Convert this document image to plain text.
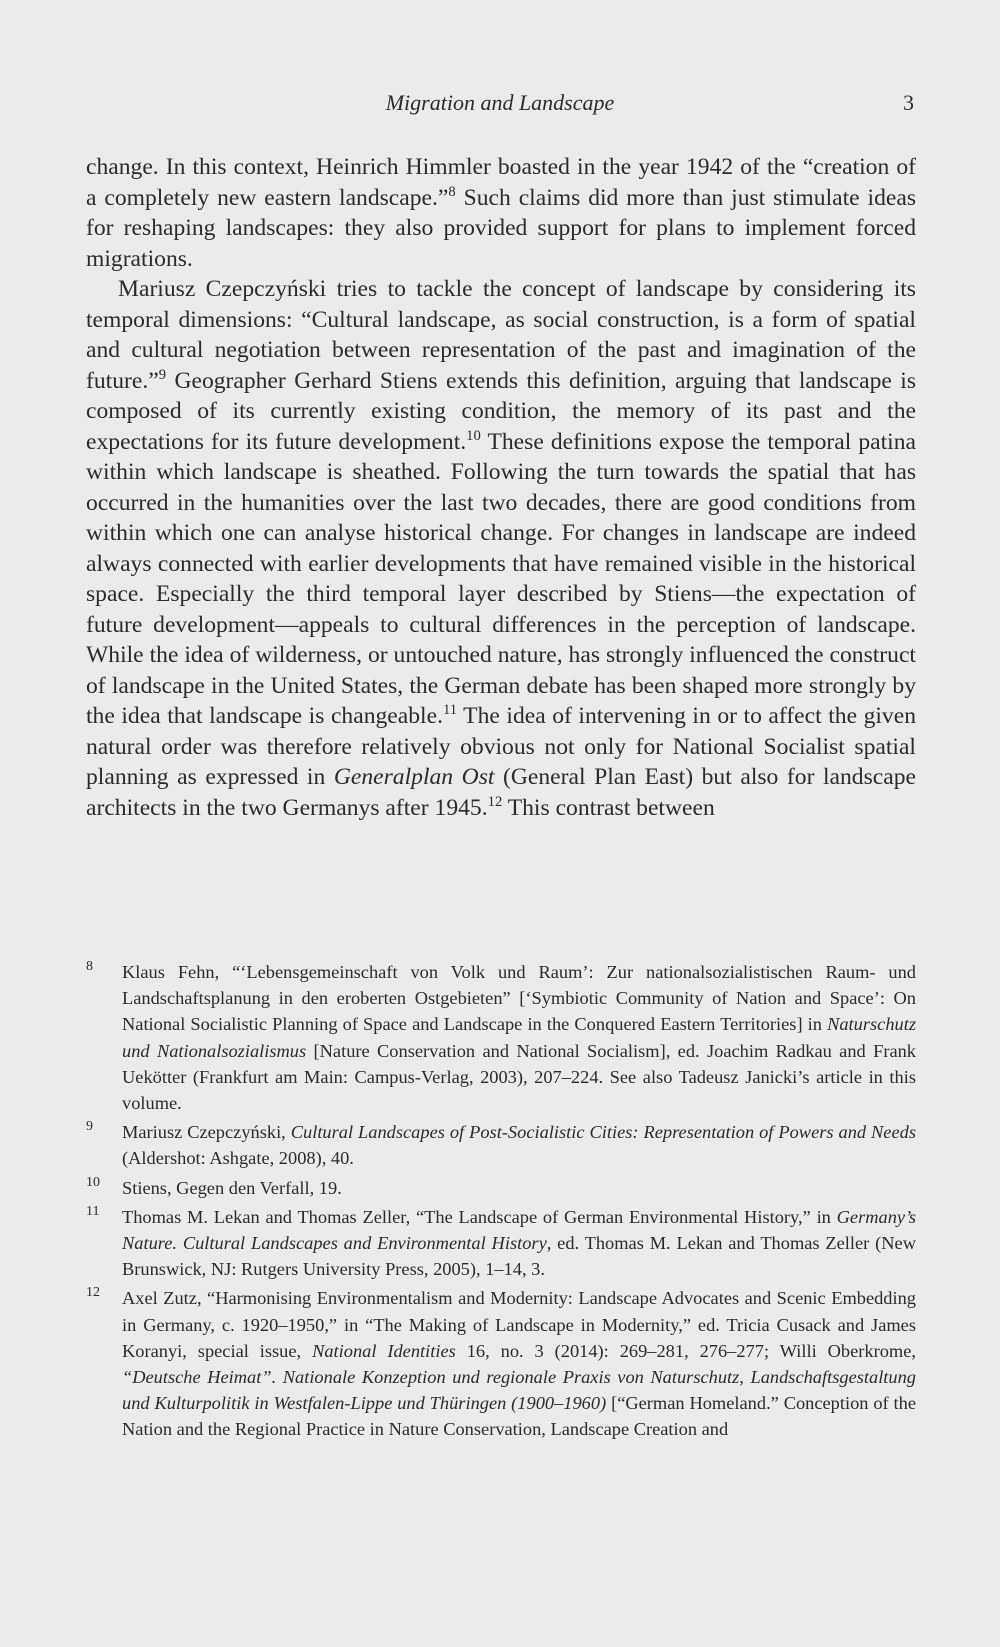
Migration and Landscape	3

change. In this context, Heinrich Himmler boasted in the year 1942 of the “creation of a completely new eastern landscape.”$^8$ Such claims did more than just stimulate ideas for reshaping landscapes: they also provided support for plans to implement forced migrations.

Mariusz Czepczyński tries to tackle the concept of landscape by considering its temporal dimensions: “Cultural landscape, as social construction, is a form of spatial and cultural negotiation between representation of the past and imagination of the future.”$^9$ Geographer Gerhard Stiens extends this definition, arguing that landscape is composed of its currently existing condition, the memory of its past and the expectations for its future development.$^{10}$ These definitions expose the temporal patina within which landscape is sheathed. Following the turn towards the spatial that has occurred in the humanities over the last two decades, there are good conditions from within which one can analyse historical change. For changes in landscape are indeed always connected with earlier developments that have remained visible in the historical space. Especially the third temporal layer described by Stiens—the expectation of future development—appeals to cultural differences in the perception of landscape. While the idea of wilderness, or untouched nature, has strongly influenced the construct of landscape in the United States, the German debate has been shaped more strongly by the idea that landscape is changeable.$^{11}$ The idea of intervening in or to affect the given natural order was therefore relatively obvious not only for National Socialist spatial planning as expressed in Generalplan Ost (General Plan East) but also for landscape architects in the two Germanys after 1945.12 This contrast between

8	Klaus Fehn, “‘Lebensgemeinschaft von Volk und Raum’: Zur nationalsozialistischen Raum- und Landschaftsplanung in den eroberten Ostgebieten” [‘Symbiotic Community of Nation and Space’: On National Socialistic Planning of Space and Landscape in the Conquered Eastern Territories] in Naturschutz und Nationalsozialismus [Nature Conservation and National Socialism], ed. Joachim Radkau and Frank Uekötter (Frankfurt am Main: Campus-Verlag, 2003), 207–224. See also Tadeusz Janicki’s article in this volume.
9	Mariusz Czepczyński, Cultural Landscapes of Post-Socialistic Cities: Representation of Powers and Needs (Aldershot: Ashgate, 2008), 40.
10	Stiens, Gegen den Verfall, 19.
11	Thomas M. Lekan and Thomas Zeller, “The Landscape of German Environmental History,” in Germany’s Nature. Cultural Landscapes and Environmental History, ed. Thomas M. Lekan and Thomas Zeller (New Brunswick, NJ: Rutgers University Press, 2005), 1–14, 3.
12	Axel Zutz, “Harmonising Environmentalism and Modernity: Landscape Advocates and Scenic Embedding in Germany, c. 1920–1950,” in “The Making of Landscape in Modernity,” ed. Tricia Cusack and James Koranyi, special issue, National Identities 16, no. 3 (2014): 269–281, 276–277; Willi Oberkrome, “Deutsche Heimat”. Nationale Konzeption und regionale Praxis von Naturschutz, Landschaftsgestaltung und Kulturpolitik in Westfalen-Lippe und Thüringen (1900–1960) [“German Homeland.” Conception of the Nation and the Regional Practice in Nature Conservation, Landscape Creation and
